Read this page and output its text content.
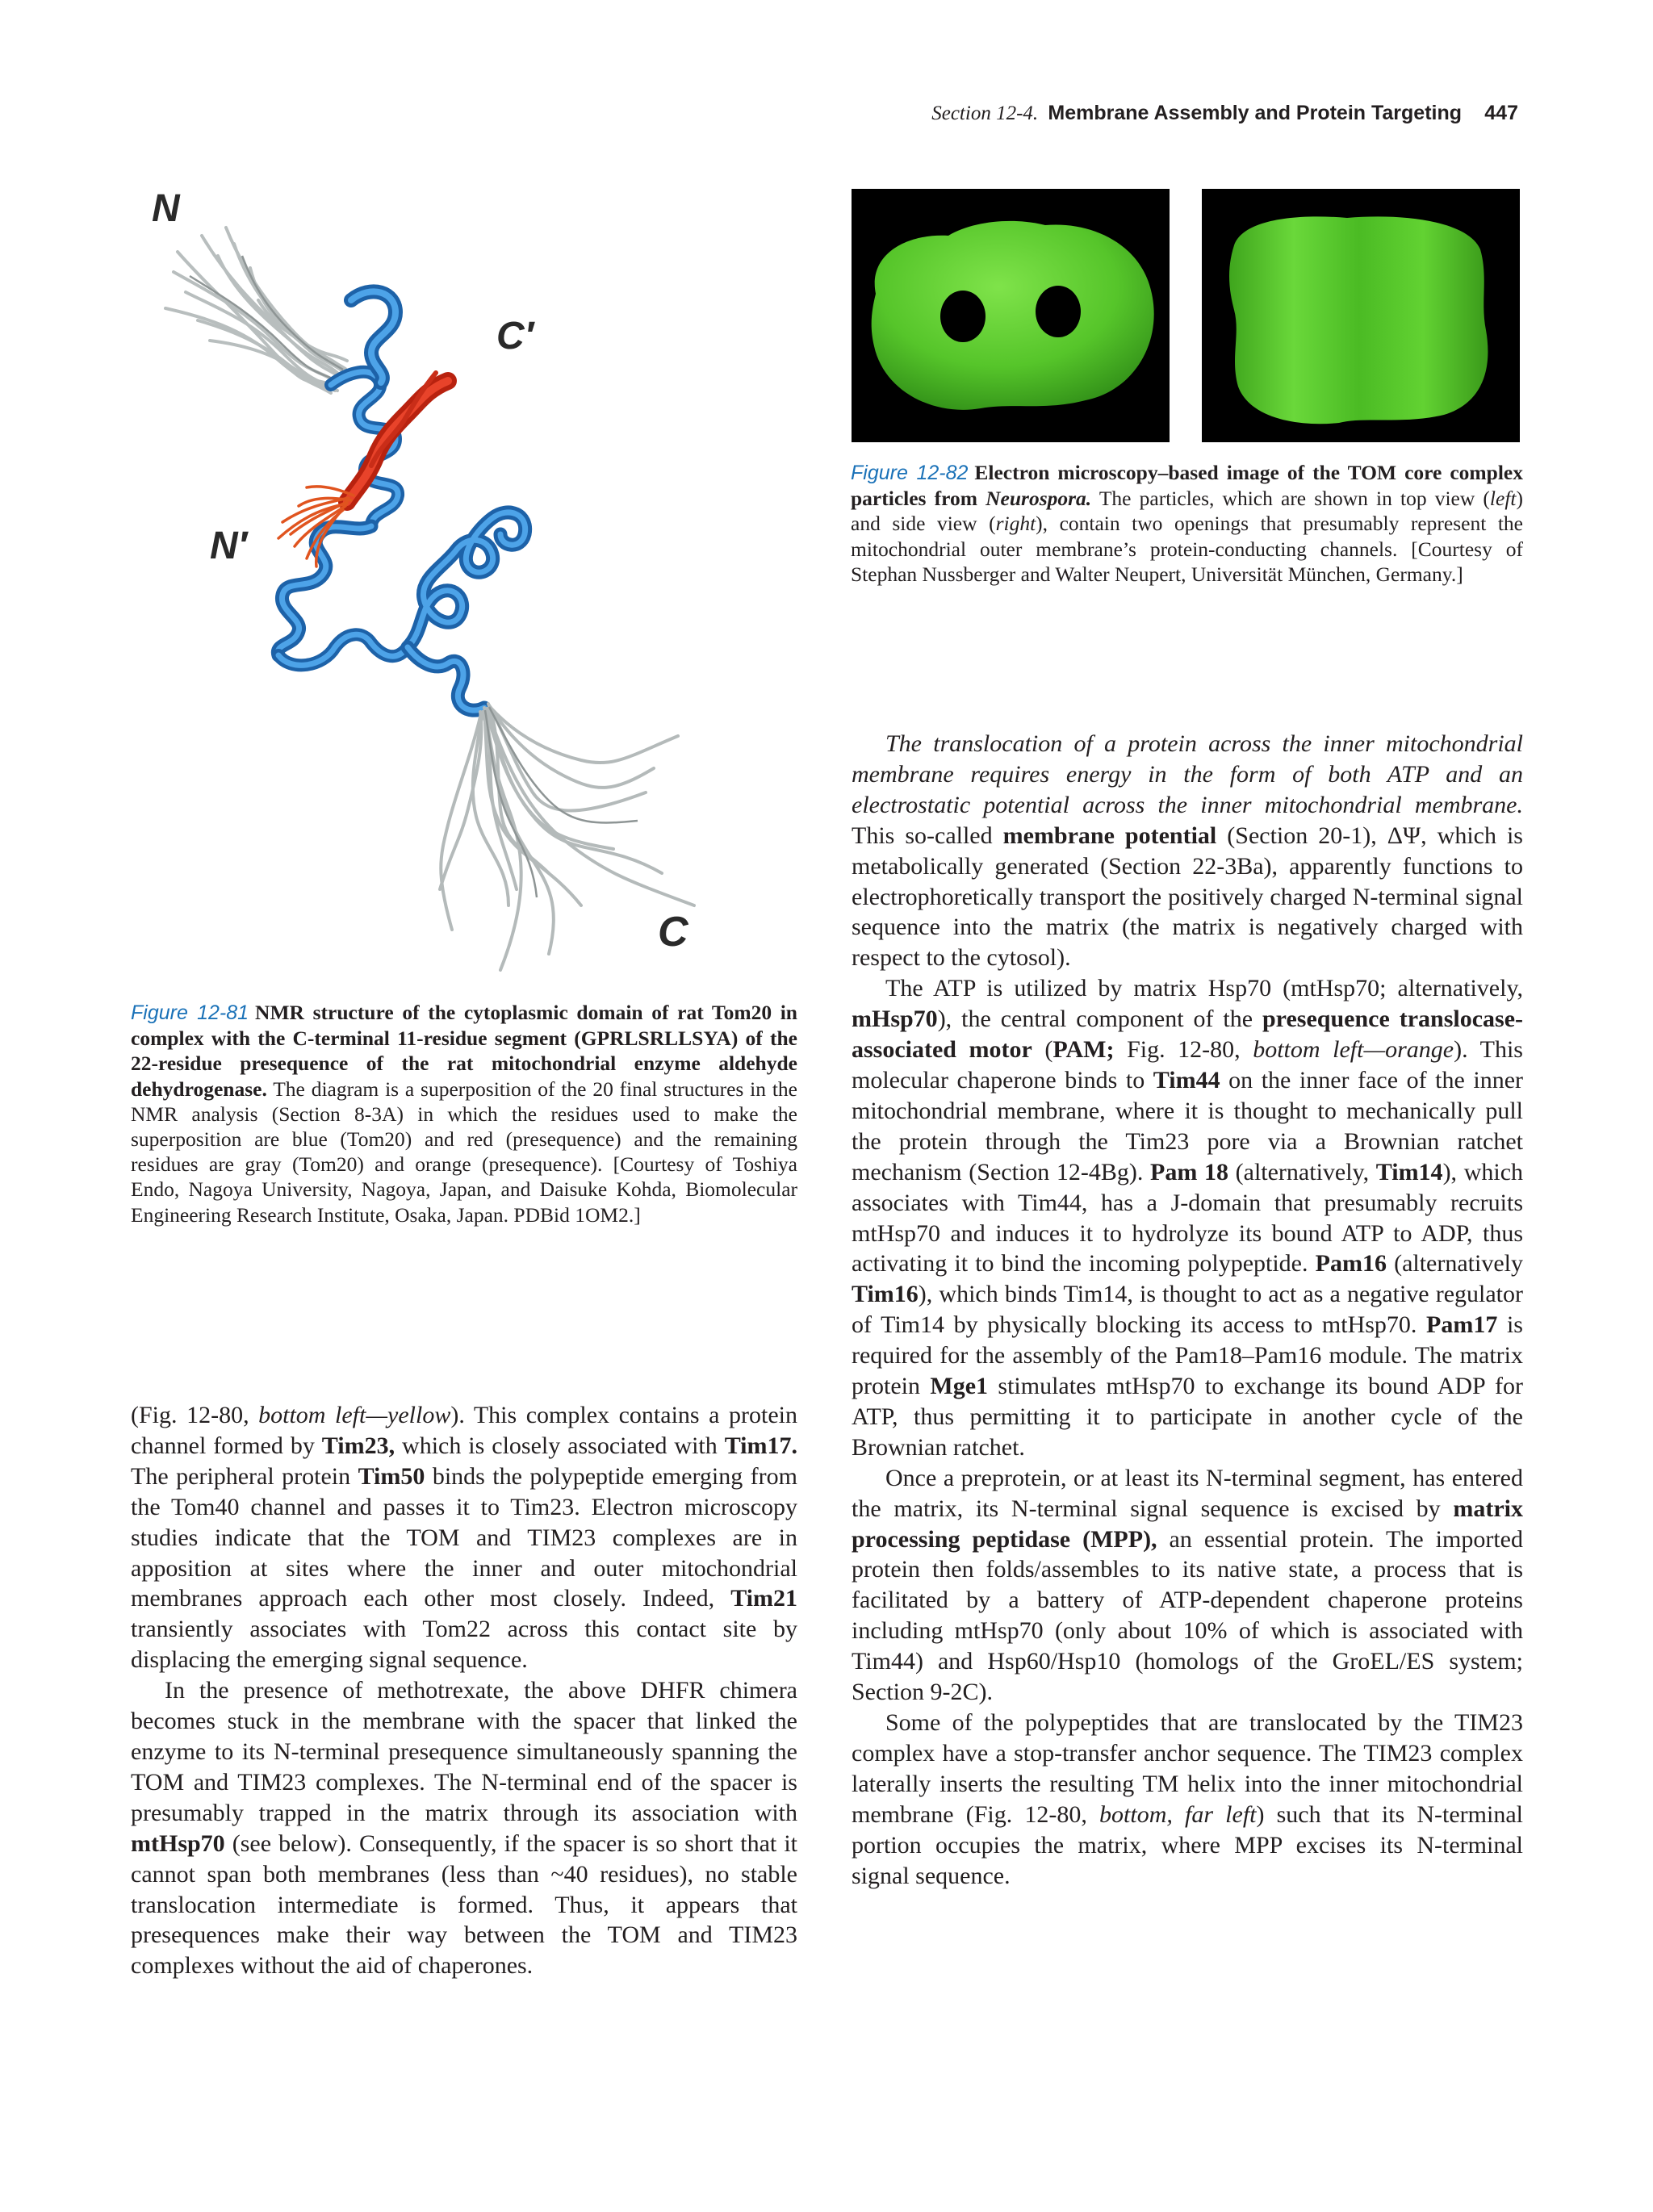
Section 12-4. Membrane Assembly and Protein Targeting 447
N
C′
N′
C

Figure 12-82 Electron microscopy–based image of the TOM core complex particles from Neurospora. The particles, which are shown in top view (left) and side view (right), contain two openings that presumably represent the mitochondrial outer membrane’s protein-conducting channels. [Courtesy of Stephan Nussberger and Walter Neupert, Universität München, Germany.]

Figure 12-81 NMR structure of the cytoplasmic domain of rat Tom20 in complex with the C-terminal 11-residue segment (GPRLSRLLSYA) of the 22-residue presequence of the rat mitochondrial enzyme aldehyde dehydrogenase. The diagram is a superposition of the 20 final structures in the NMR analysis (Section 8-3A) in which the residues used to make the superposition are blue (Tom20) and red (presequence) and the remaining residues are gray (Tom20) and orange (presequence). [Courtesy of Toshiya Endo, Nagoya University, Nagoya, Japan, and Daisuke Kohda, Biomolecular Engineering Research Institute, Osaka, Japan. PDBid 1OM2.]

(Fig. 12-80, bottom left—yellow). This complex contains a protein channel formed by Tim23, which is closely associated with Tim17. The peripheral protein Tim50 binds the polypeptide emerging from the Tom40 channel and passes it to Tim23. Electron microscopy studies indicate that the TOM and TIM23 complexes are in apposition at sites where the inner and outer mitochondrial membranes approach each other most closely. Indeed, Tim21 transiently associates with Tom22 across this contact site by displacing the emerging signal sequence.

In the presence of methotrexate, the above DHFR chimera becomes stuck in the membrane with the spacer that linked the enzyme to its N-terminal presequence simultaneously spanning the TOM and TIM23 complexes. The N-terminal end of the spacer is presumably trapped in the matrix through its association with mtHsp70 (see below). Consequently, if the spacer is so short that it cannot span both membranes (less than ~40 residues), no stable translocation intermediate is formed. Thus, it appears that presequences make their way between the TOM and TIM23 complexes without the aid of chaperones.

The translocation of a protein across the inner mitochondrial membrane requires energy in the form of both ATP and an electrostatic potential across the inner mitochondrial membrane. This so-called membrane potential (Section 20-1), ΔΨ, which is metabolically generated (Section 22-3Ba), apparently functions to electrophoretically transport the positively charged N-terminal signal sequence into the matrix (the matrix is negatively charged with respect to the cytosol).

The ATP is utilized by matrix Hsp70 (mtHsp70; alternatively, mHsp70), the central component of the presequence translocase-associated motor (PAM; Fig. 12-80, bottom left—orange). This molecular chaperone binds to Tim44 on the inner face of the inner mitochondrial membrane, where it is thought to mechanically pull the protein through the Tim23 pore via a Brownian ratchet mechanism (Section 12-4Bg). Pam 18 (alternatively, Tim14), which associates with Tim44, has a J-domain that presumably recruits mtHsp70 and induces it to hydrolyze its bound ATP to ADP, thus activating it to bind the incoming polypeptide. Pam16 (alternatively Tim16), which binds Tim14, is thought to act as a negative regulator of Tim14 by physically blocking its access to mtHsp70. Pam17 is required for the assembly of the Pam18–Pam16 module. The matrix protein Mge1 stimulates mtHsp70 to exchange its bound ADP for ATP, thus permitting it to participate in another cycle of the Brownian ratchet.

Once a preprotein, or at least its N-terminal segment, has entered the matrix, its N-terminal signal sequence is excised by matrix processing peptidase (MPP), an essential protein. The imported protein then folds/assembles to its native state, a process that is facilitated by a battery of ATP-dependent chaperone proteins including mtHsp70 (only about 10% of which is associated with Tim44) and Hsp60/Hsp10 (homologs of the GroEL/ES system; Section 9-2C).

Some of the polypeptides that are translocated by the TIM23 complex have a stop-transfer anchor sequence. The TIM23 complex laterally inserts the resulting TM helix into the inner mitochondrial membrane (Fig. 12-80, bottom, far left) such that its N-terminal portion occupies the matrix, where MPP excises its N-terminal signal sequence.
